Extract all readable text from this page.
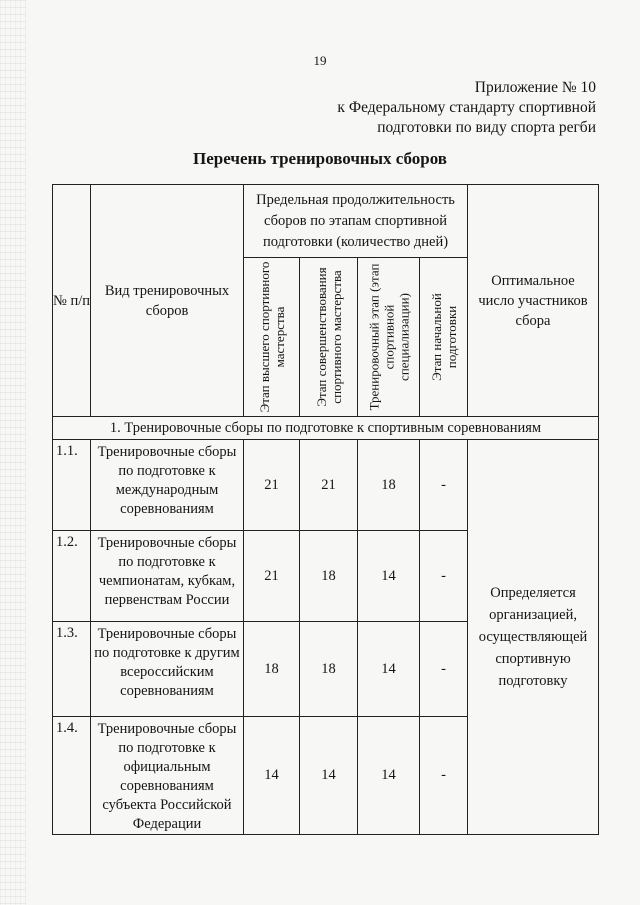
19
Приложение № 10
к Федеральному стандарту спортивной
подготовки по виду спорта регби
Перечень тренировочных сборов
№ п/п	Вид тренировочных сборов	Предельная продолжительность сборов по этапам спортивной подготовки (количество дней)				Оптимальное число участников сбора

		Этап высшего спортивного мастерства	Этап совершенствования спортивного мастерства	Тренировочный этап (этап спортивной специализации)	Этап начальной подготовки	

1. Тренировочные сборы по подготовке к спортивным соревнованиям						
1.1.	Тренировочные сборы по подготовке к международным соревнованиям	21	21	18	-	Определяется организацией, осуществляющей спортивную подготовку
1.2.	Тренировочные сборы по подготовке к чемпионатам, кубкам, первенствам России	21	18	14	-	
1.3.	Тренировочные сборы по подготовке к другим всероссийским соревнованиям	18	18	14	-	
1.4.	Тренировочные сборы по подготовке к официальным соревнованиям субъекта Российской Федерации	14	14	14	-	
